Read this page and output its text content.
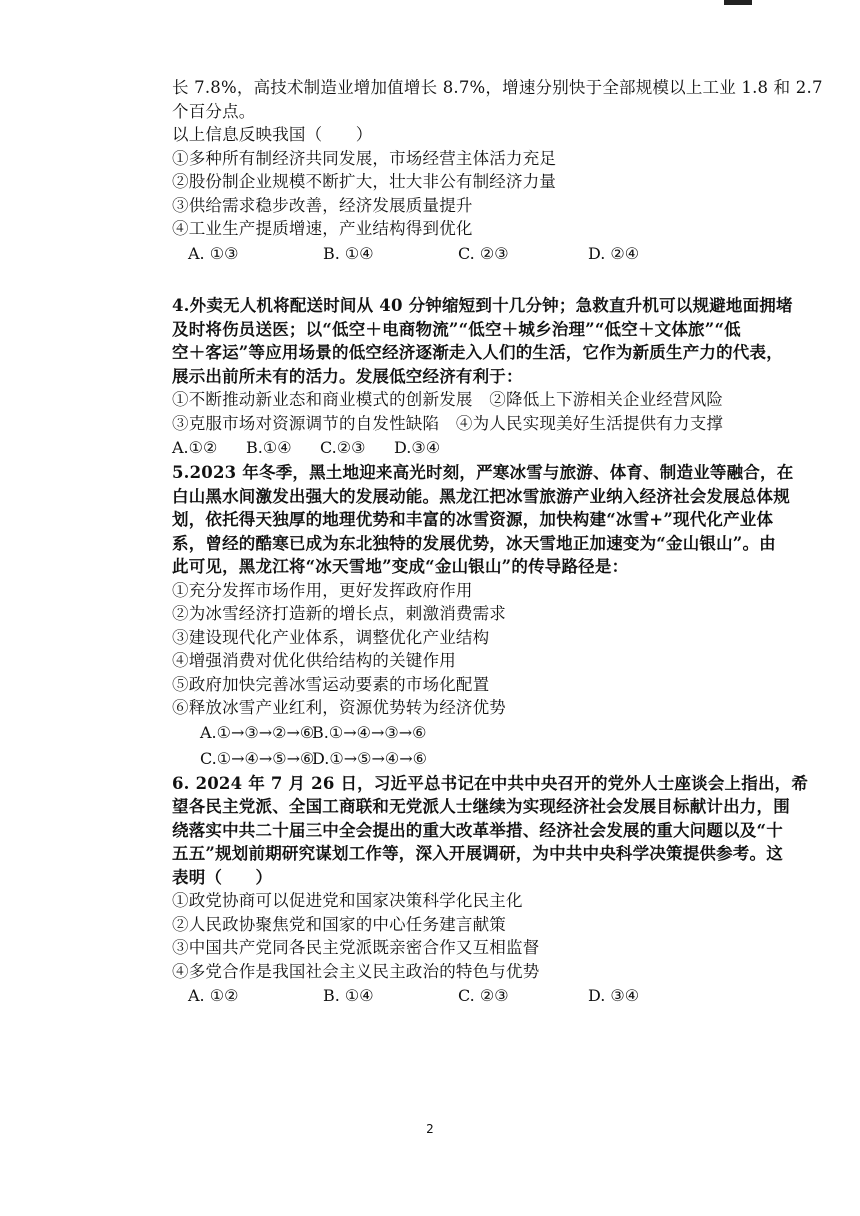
长 7.8%，高技术制造业增加值增长 8.7%，增速分别快于全部规模以上工业 1.8 和 2.7
个百分点。
以上信息反映我国（　　）
①多种所有制经济共同发展，市场经营主体活力充足
②股份制企业规模不断扩大，壮大非公有制经济力量
③供给需求稳步改善，经济发展质量提升
④工业生产提质增速，产业结构得到优化
A. ①③	B. ①④	C. ②③	D. ②④
4.外卖无人机将配送时间从 40 分钟缩短到十几分钟；急救直升机可以规避地面拥堵
及时将伤员送医；以“低空＋电商物流”“低空＋城乡治理”“低空＋文体旅”“低
空＋客运”等应用场景的低空经济逐渐走入人们的生活，它作为新质生产力的代表，
展示出前所未有的活力。发展低空经济有利于：
①不断推动新业态和商业模式的创新发展　②降低上下游相关企业经营风险
③克服市场对资源调节的自发性缺陷　④为人民实现美好生活提供有力支撑
A.①②	B.①④	C.②③	D.③④
5.2023 年冬季，黑土地迎来高光时刻，严寒冰雪与旅游、体育、制造业等融合，在
白山黑水间激发出强大的发展动能。黑龙江把冰雪旅游产业纳入经济社会发展总体规
划，依托得天独厚的地理优势和丰富的冰雪资源，加快构建“冰雪+”现代化产业体
系，曾经的酷寒已成为东北独特的发展优势，冰天雪地正加速变为“金山银山”。由
此可见，黑龙江将“冰天雪地”变成“金山银山”的传导路径是：
①充分发挥市场作用，更好发挥政府作用
②为冰雪经济打造新的增长点，刺激消费需求
③建设现代化产业体系，调整优化产业结构
④增强消费对优化供给结构的关键作用
⑤政府加快完善冰雪运动要素的市场化配置
⑥释放冰雪产业红利，资源优势转为经济优势
A.①→③→②→⑥
B.①→④→③→⑥
C.①→④→⑤→⑥
D.①→⑤→④→⑥
6. 2024 年 7 月 26 日，习近平总书记在中共中央召开的党外人士座谈会上指出，希
望各民主党派、全国工商联和无党派人士继续为实现经济社会发展目标献计出力，围
绕落实中共二十届三中全会提出的重大改革举措、经济社会发展的重大问题以及“十
五五”规划前期研究谋划工作等，深入开展调研，为中共中央科学决策提供参考。这
表明（　　）
①政党协商可以促进党和国家决策科学化民主化
②人民政协聚焦党和国家的中心任务建言献策
③中国共产党同各民主党派既亲密合作又互相监督
④多党合作是我国社会主义民主政治的特色与优势
A. ①②	B. ①④	C. ②③	D. ③④
2
